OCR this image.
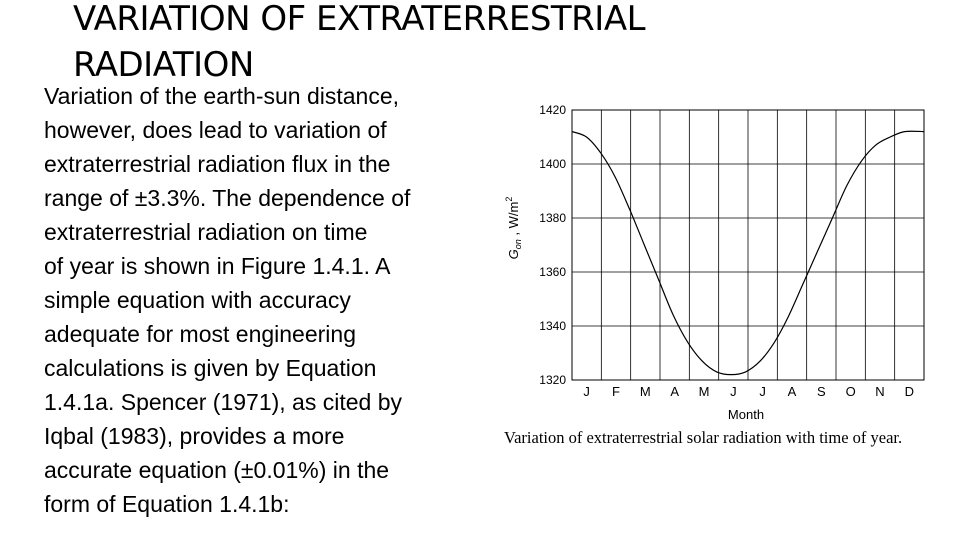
VARIATION OF EXTRATERRESTRIAL
RADIATION
Variation of the earth-sun distance,
however, does lead to variation of
extraterrestrial radiation flux in the
range of ±3.3%. The dependence of
extraterrestrial radiation on time
of year is shown in Figure 1.4.1. A
simple equation with accuracy
adequate for most engineering
calculations is given by Equation
1.4.1a. Spencer (1971), as cited by
Iqbal (1983), provides a more
accurate equation (±0.01%) in the
form of Equation 1.4.1b:
1320
1340
1360
1380
1400
1420
J F M A M J J A S O N D
Month
$G_{on}$ , $W/m^2$
Variation of extraterrestrial solar radiation with time of year.
